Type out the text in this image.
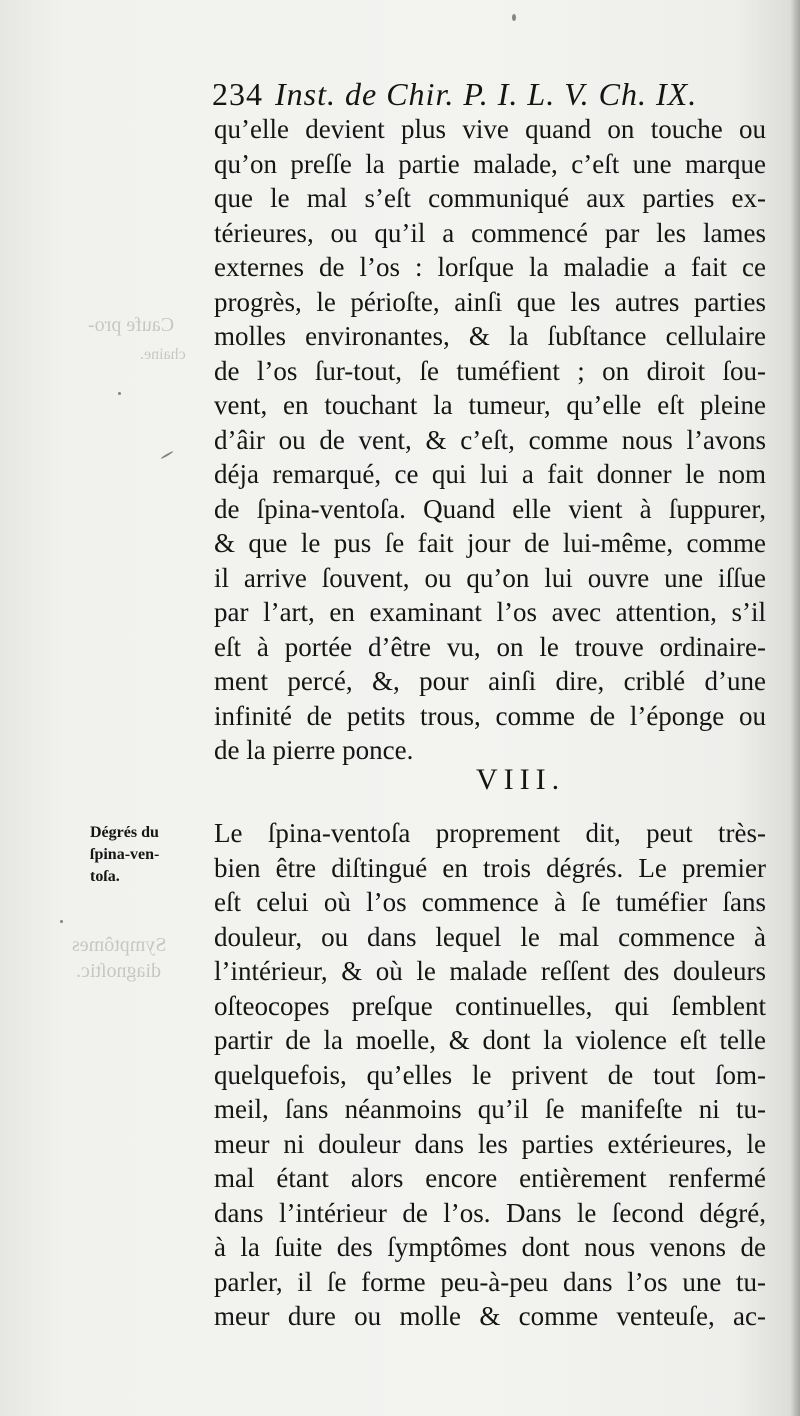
Caufe pro-
chaine.
Symptômes
diagnoſtic.
234 Inst. de Chir. P. I. L. V. Ch. IX.
qu’elle devient plus vive quand on touche ou
qu’on preſſe la partie malade, c’eſt une marque
que le mal s’eſt communiqué aux parties ex-
térieures, ou qu’il a commencé par les lames
externes de l’os : lorſque la maladie a fait ce
progrès, le périoſte, ainſi que les autres parties
molles environantes, & la ſubſtance cellulaire
de l’os ſur-tout, ſe tuméfient ; on diroit ſou-
vent, en touchant la tumeur, qu’elle eſt pleine
d’âir ou de vent, & c’eſt, comme nous l’avons
déja remarqué, ce qui lui a fait donner le nom
de ſpina-ventoſa. Quand elle vient à ſuppurer,
& que le pus ſe fait jour de lui-même, comme
il arrive ſouvent, ou qu’on lui ouvre une iſſue
par l’art, en examinant l’os avec attention, s’il
eſt à portée d’être vu, on le trouve ordinaire-
ment percé, &, pour ainſi dire, criblé d’une
infinité de petits trous, comme de l’éponge ou
de la pierre ponce.
VIII.
Dégrés du
ſpina-ven-
toſa.
Le ſpina-ventoſa proprement dit, peut très-
bien être diſtingué en trois dégrés. Le premier
eſt celui où l’os commence à ſe tuméfier ſans
douleur, ou dans lequel le mal commence à
l’intérieur, & où le malade reſſent des douleurs
oſteocopes preſque continuelles, qui ſemblent
partir de la moelle, & dont la violence eſt telle
quelquefois, qu’elles le privent de tout ſom-
meil, ſans néanmoins qu’il ſe manifeſte ni tu-
meur ni douleur dans les parties extérieures, le
mal étant alors encore entièrement renfermé
dans l’intérieur de l’os. Dans le ſecond dégré,
à la ſuite des ſymptômes dont nous venons de
parler, il ſe forme peu-à-peu dans l’os une tu-
meur dure ou molle & comme venteuſe, ac-
